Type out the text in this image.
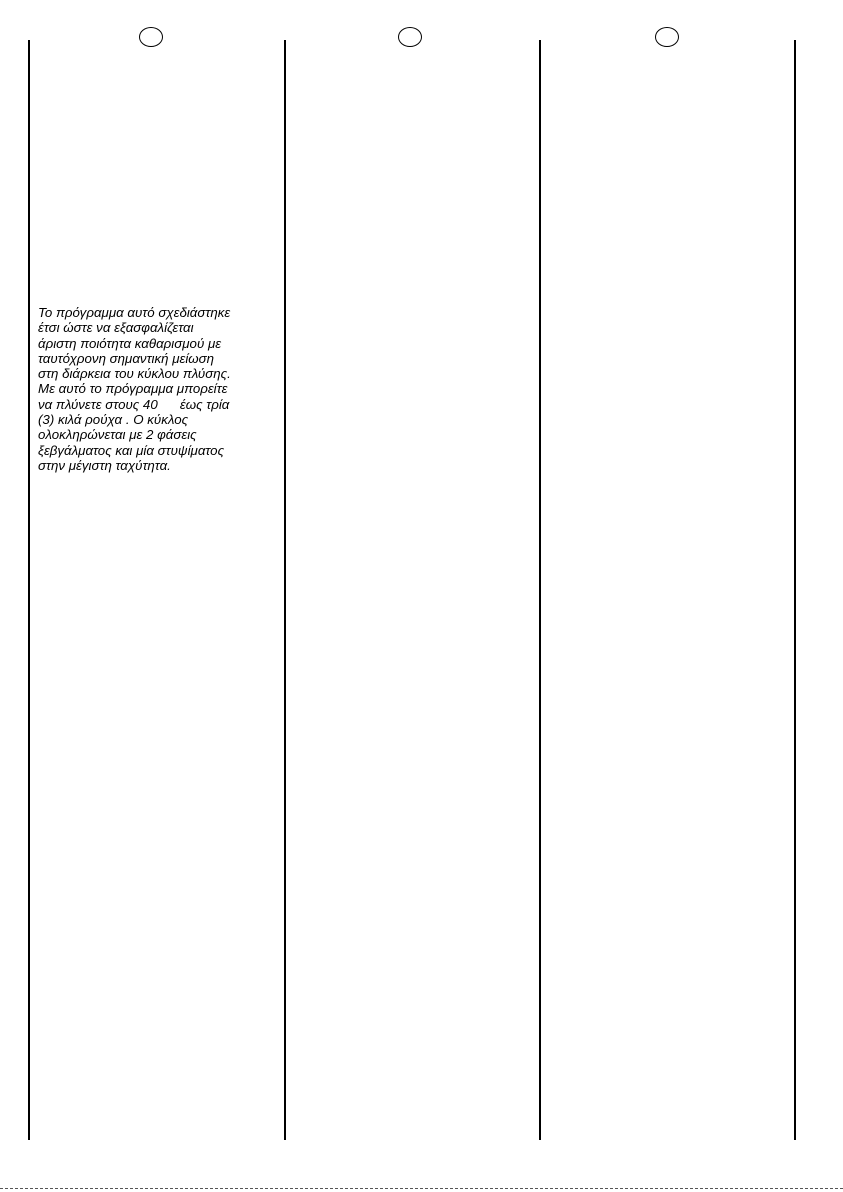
Το πρόγραμμα αυτό σχεδιάστηκε
έτσι ώστε να εξασφαλίζεται
άριστη ποιότητα καθαρισμού με
ταυτόχρονη σημαντική μείωση
στη διάρκεια του κύκλου πλύσης.
Με αυτό το πρόγραμμα μπορείτε
να πλύνετε στους 40      έως τρία
(3) κιλά ρούχα . Ο κύκλος
ολοκληρώνεται με 2 φάσεις
ξεβγάλματος και μία στυψίματος
στην μέγιστη ταχύτητα.
